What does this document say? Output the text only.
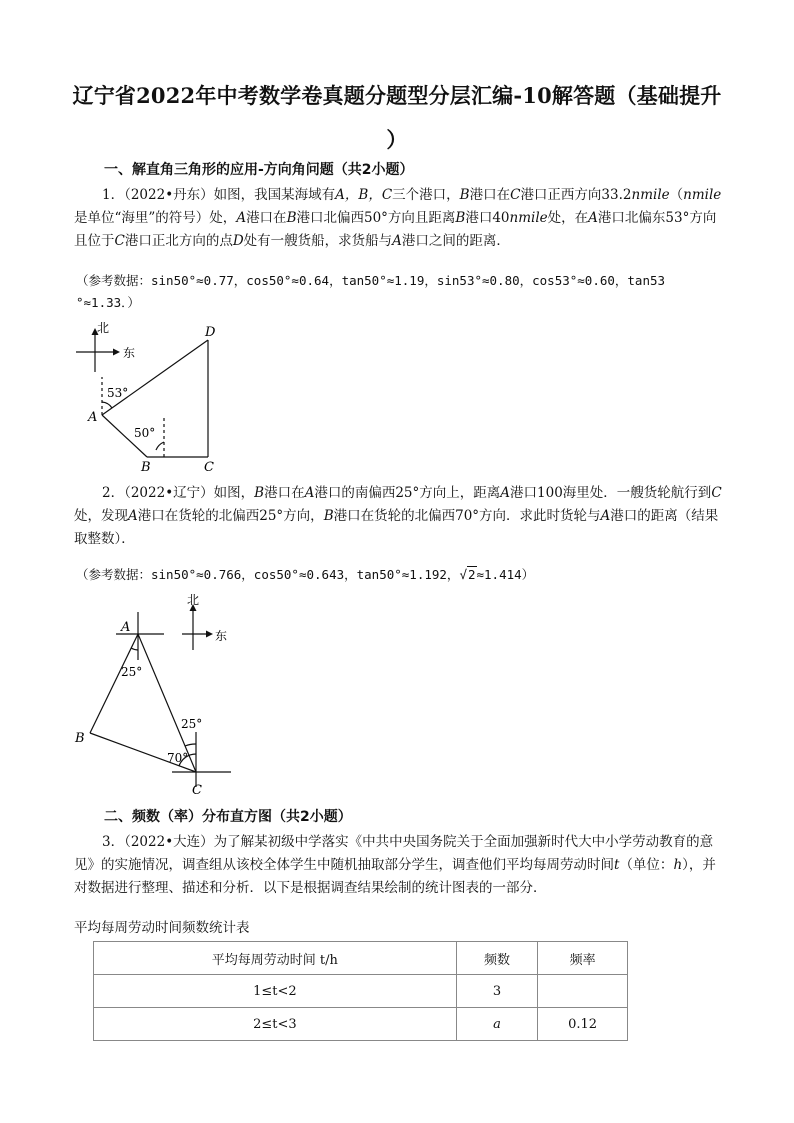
辽宁省2022年中考数学卷真题分题型分层汇编-10解答题（基础提升
）
一、解直角三角形的应用-方向角问题（共2小题）
1．（2022•丹东）如图，我国某海域有A，B，C三个港口，B港口在C港口正西方向33.2nmile（nmile是单位“海里”的符号）处，A港口在B港口北偏西50°方向且距离B港口40nmile处，在A港口北偏东53°方向且位于C港口正北方向的点D处有一艘货船，求货船与A港口之间的距离．
（参考数据：sin50°≈0.77，cos50°≈0.64，tan50°≈1.19，sin53°≈0.80，cos53°≈0.60，tan53
°≈1.33．）
北
东
53°
50°
A
B	C
D
2．（2022•辽宁）如图，B港口在A港口的南偏西25°方向上，距离A港口100海里处．一艘货轮航行到C处，发现A港口在货轮的北偏西25°方向，B港口在货轮的北偏西70°方向．求此时货轮与A港口的距离（结果取整数）．
（参考数据：sin50°≈0.766，cos50°≈0.643，tan50°≈1.192，√2≈1.414）
北
东
25°
25°
70°
A
B
C
二、频数（率）分布直方图（共2小题）
3．（2022•大连）为了解某初级中学落实《中共中央国务院关于全面加强新时代大中小学劳动教育的意见》的实施情况，调查组从该校全体学生中随机抽取部分学生，调查他们平均每周劳动时间t（单位：h），并对数据进行整理、描述和分析．以下是根据调查结果绘制的统计图表的一部分．
平均每周劳动时间频数统计表
平均每周劳动时间 t/h	频数	频率
1≤t<2	3	
2≤t<3	a	0.12
